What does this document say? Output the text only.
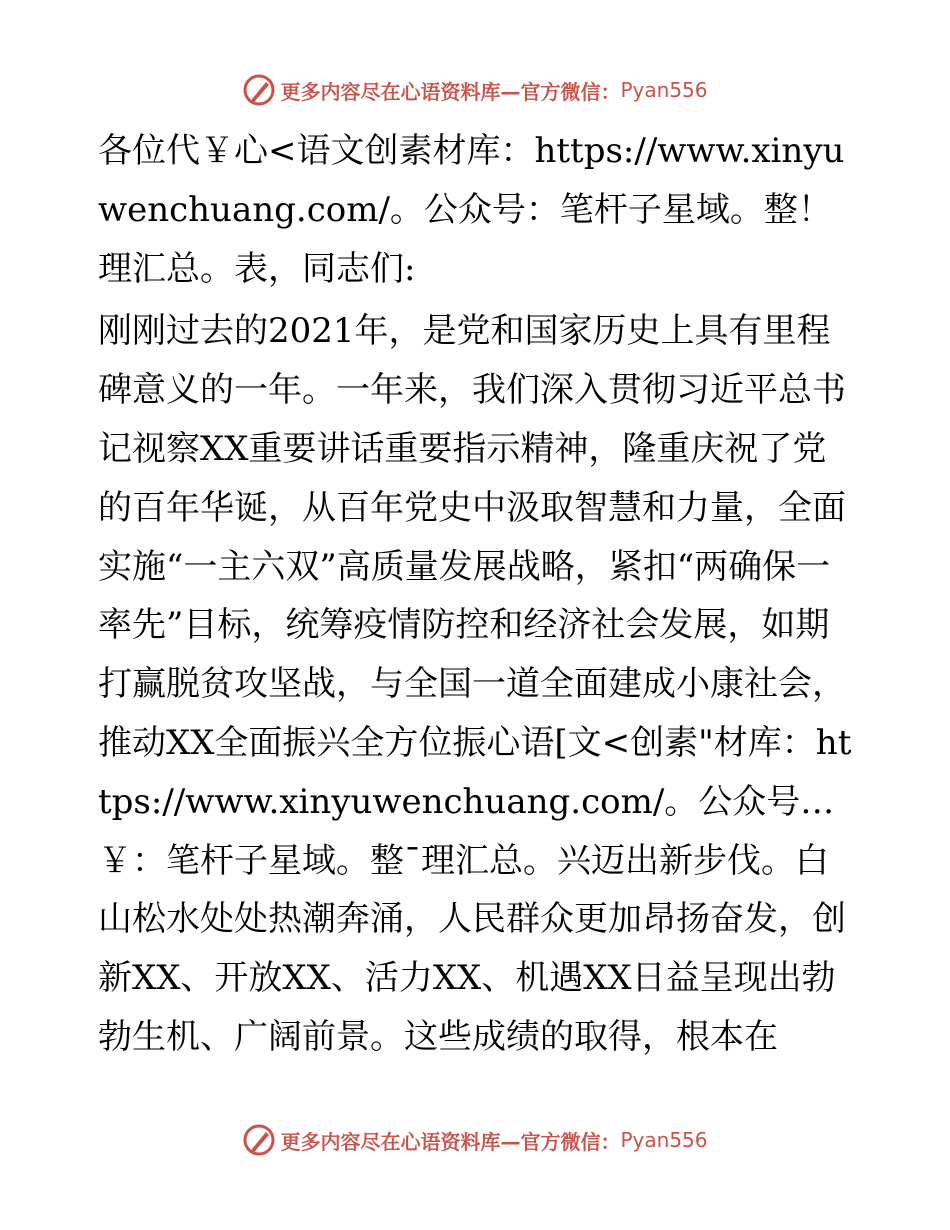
更多内容尽在心语资料库—官方微信： Pyan556

各位代￥心<语文创素材库：https://www.xinyuwenchuang.com/。公众号：笔杆子星域。整！理汇总。表，同志们:

刚刚过去的2021年，是党和国家历史上具有里程碑意义的一年。一年来，我们深入贯彻习近平总书记视察XX重要讲话重要指示精神，隆重庆祝了党的百年华诞，从百年党史中汲取智慧和力量，全面实施“一主六双”高质量发展战略，紧扣“两确保一率先”目标，统筹疫情防控和经济社会发展，如期打赢脱贫攻坚战，与全国一道全面建成小康社会，推动XX全面振兴全方位振心语[文<创素"材库：https://www.xinyuwenchuang.com/。公众号…￥：笔杆子星域。整¯理汇总。兴迈出新步伐。白山松水处处热潮奔涌，人民群众更加昂扬奋发，创新XX、开放XX、活力XX、机遇XX日益呈现出勃勃生机、广阔前景。这些成绩的取得，根本在

更多内容尽在心语资料库—官方微信： Pyan556
